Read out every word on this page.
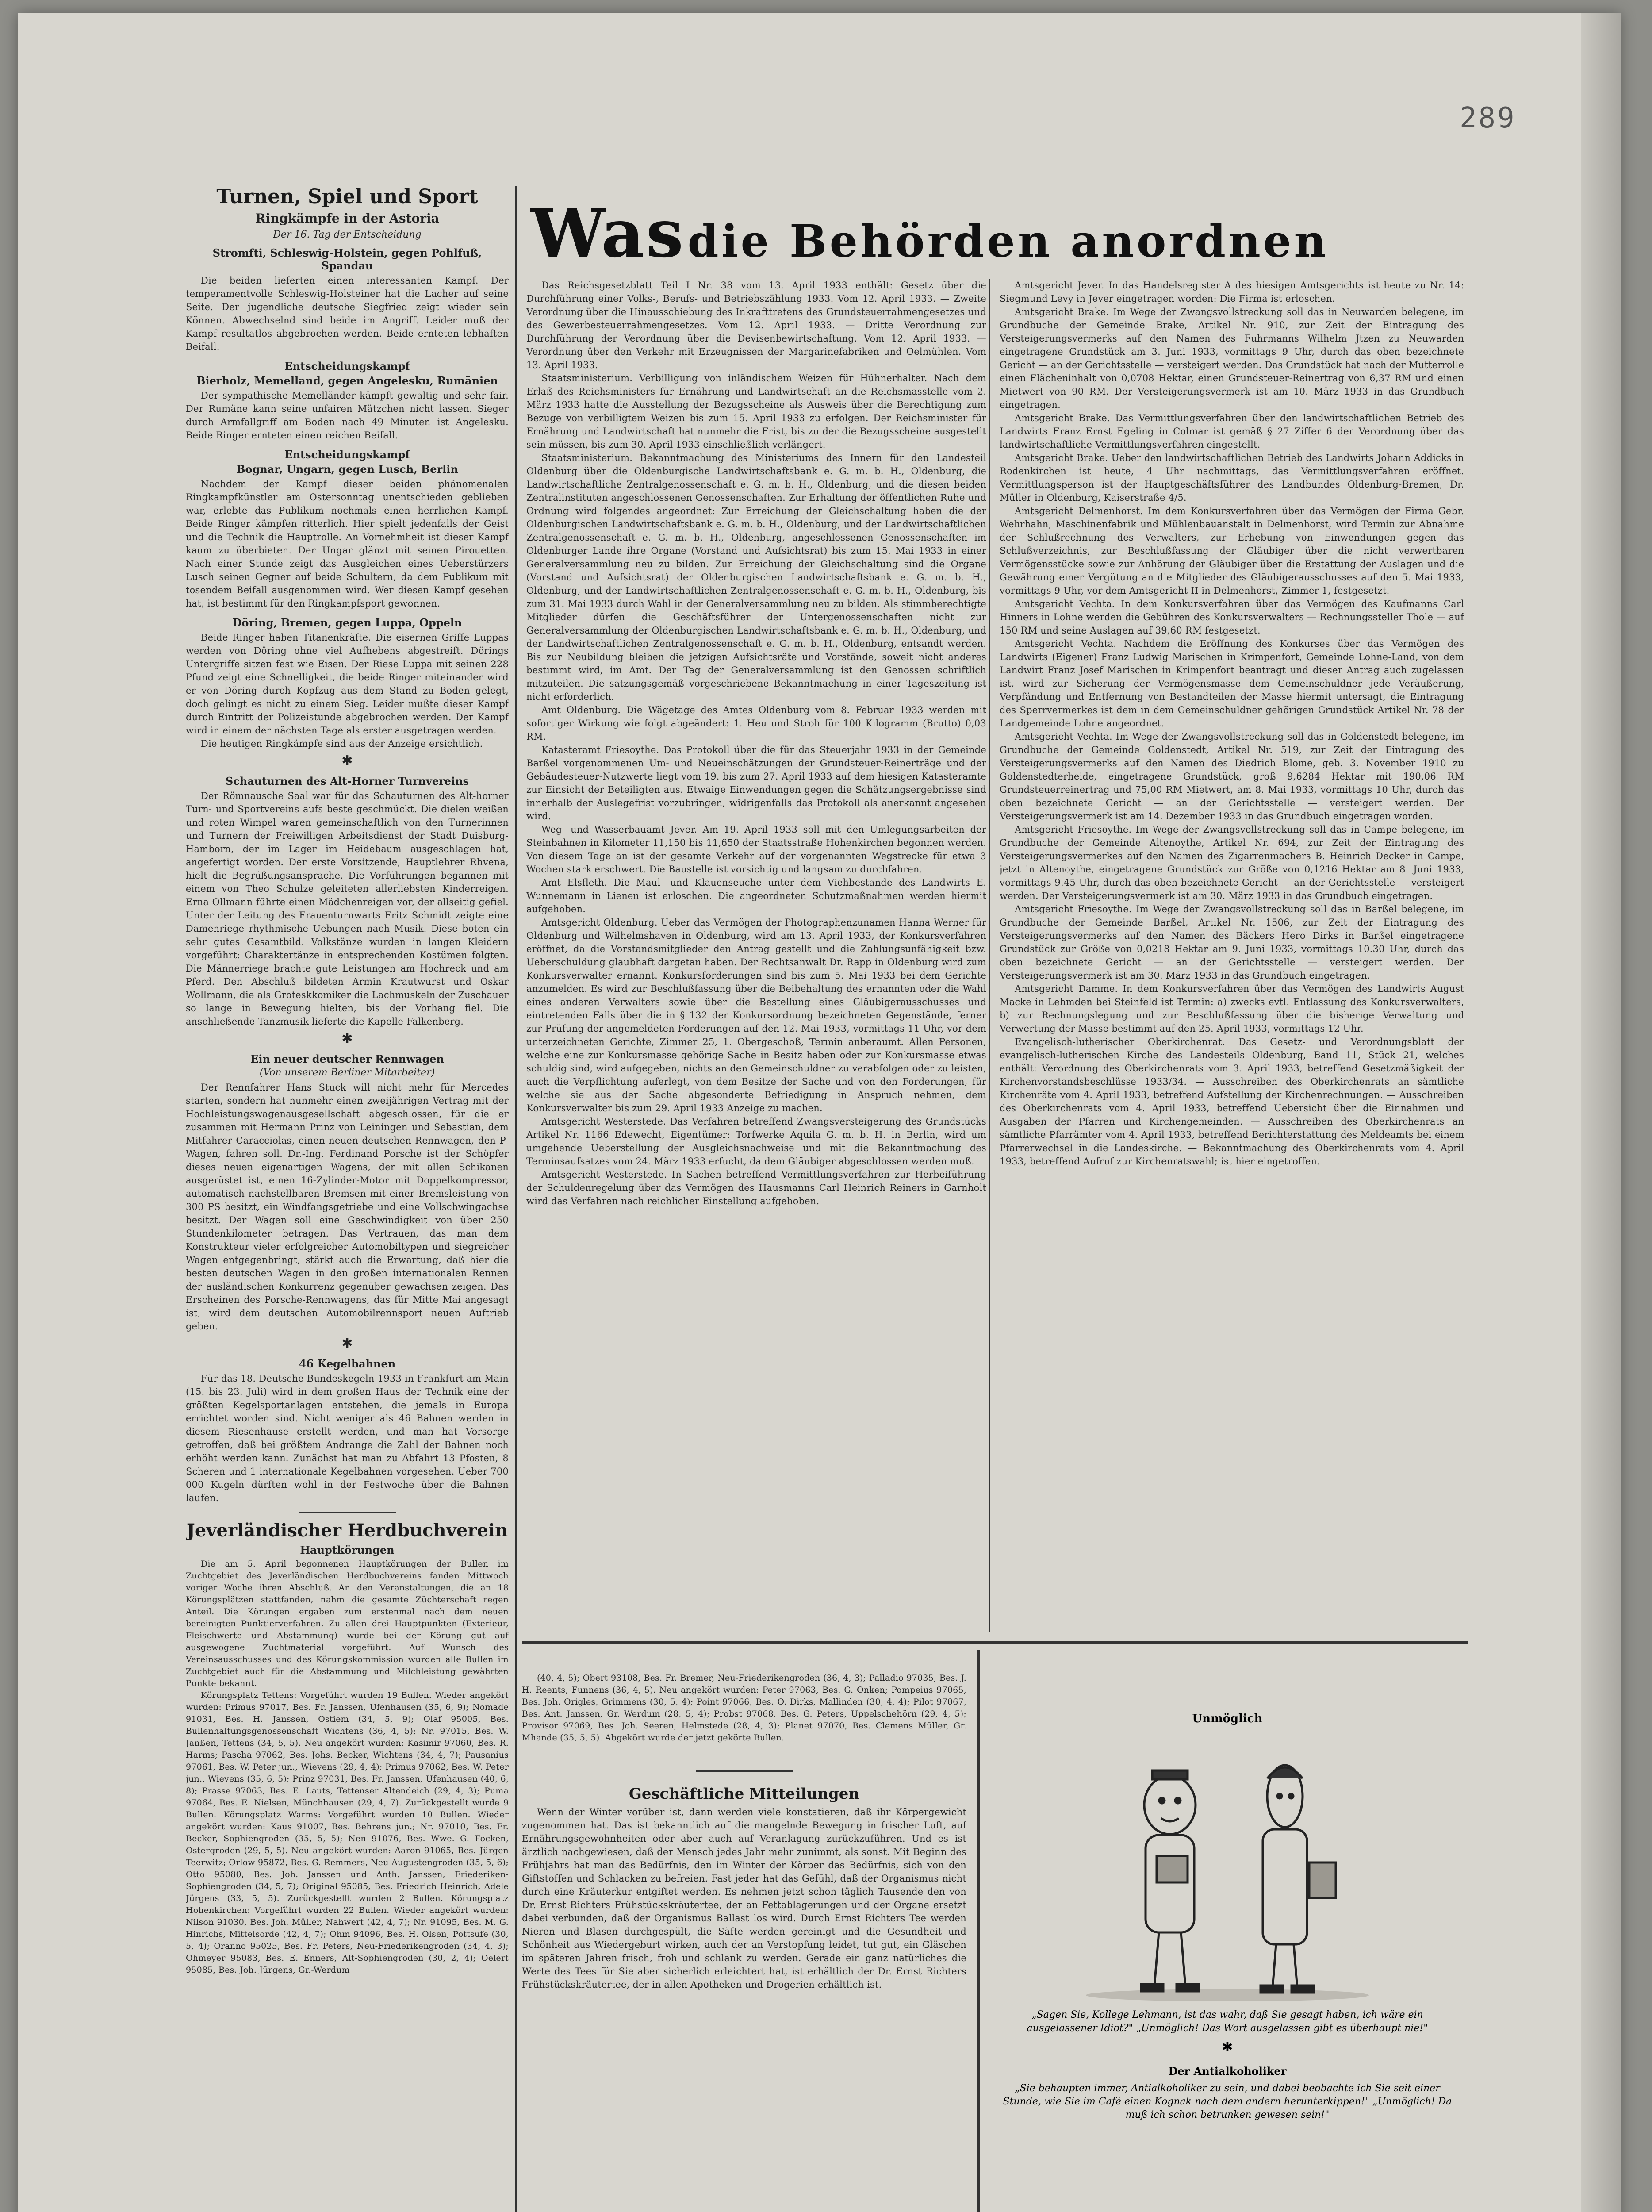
289
Was die Behörden anordnen
Turnen, Spiel und Sport
Ringkämpfe in der Astoria
Der 16. Tag der Entscheidung
Stromfti, Schleswig-Holstein, gegen Pohlfuß, Spandau

Die beiden lieferten einen interessanten Kampf. Der temperamentvolle Schleswig-Holsteiner hat die Lacher auf seine Seite. Der jugendliche deutsche Siegfried zeigt wieder sein Können. Abwechselnd sind beide im Angriff. Leider muß der Kampf resultatlos abgebrochen werden. Beide ernteten lebhaften Beifall.

Entscheidungskampf
Bierholz, Memelland, gegen Angelesku, Rumänien

Der sympathische Memelländer kämpft gewaltig und sehr fair. Der Rumäne kann seine unfairen Mätzchen nicht lassen. Sieger durch Armfallgriff am Boden nach 49 Minuten ist Angelesku. Beide Ringer ernteten einen reichen Beifall.

Entscheidungskampf
Bognar, Ungarn, gegen Lusch, Berlin

Nachdem der Kampf dieser beiden phänomenalen Ringkampfkünstler am Ostersonntag unentschieden geblieben war, erlebte das Publikum nochmals einen herrlichen Kampf. Beide Ringer kämpfen ritterlich. Hier spielt jedenfalls der Geist und die Technik die Hauptrolle. An Vornehmheit ist dieser Kampf kaum zu überbieten. Der Ungar glänzt mit seinen Pirouetten. Nach einer Stunde zeigt das Ausgleichen eines Ueberstürzers Lusch seinen Gegner auf beide Schultern, da dem Publikum mit tosendem Beifall ausgenommen wird. Wer diesen Kampf gesehen hat, ist bestimmt für den Ringkampfsport gewonnen.

Döring, Bremen, gegen Luppa, Oppeln

Beide Ringer haben Titanenkräfte. Die eisernen Griffe Luppas werden von Döring ohne viel Aufhebens abgestreift. Dörings Untergriffe sitzen fest wie Eisen. Der Riese Luppa mit seinen 228 Pfund zeigt eine Schnelligkeit, die beide Ringer miteinander wird er von Döring durch Kopfzug aus dem Stand zu Boden gelegt, doch gelingt es nicht zu einem Sieg. Leider mußte dieser Kampf durch Eintritt der Polizeistunde abgebrochen werden. Der Kampf wird in einem der nächsten Tage als erster ausgetragen werden.

Die heutigen Ringkämpfe sind aus der Anzeige ersichtlich.

✱
Schauturnen des Alt-Horner Turnvereins

Der Römnausche Saal war für das Schauturnen des Alt-horner Turn- und Sportvereins aufs beste geschmückt. Die dielen weißen und roten Wimpel waren gemeinschaftlich von den Turnerinnen und Turnern der Freiwilligen Arbeitsdienst der Stadt Duisburg-Hamborn, der im Lager im Heidebaum ausgeschlagen hat, angefertigt worden. Der erste Vorsitzende, Hauptlehrer Rhvena, hielt die Begrüßungsansprache. Die Vorführungen begannen mit einem von Theo Schulze geleiteten allerliebsten Kinderreigen. Erna Ollmann führte einen Mädchenreigen vor, der allseitig gefiel. Unter der Leitung des Frauenturnwarts Fritz Schmidt zeigte eine Damenriege rhythmische Uebungen nach Musik. Diese boten ein sehr gutes Gesamtbild. Volkstänze wurden in langen Kleidern vorgeführt: Charaktertänze in entsprechenden Kostümen folgten. Die Männerriege brachte gute Leistungen am Hochreck und am Pferd. Den Abschluß bildeten Armin Krautwurst und Oskar Wollmann, die als Groteskkomiker die Lachmuskeln der Zuschauer so lange in Bewegung hielten, bis der Vorhang fiel. Die anschließende Tanzmusik lieferte die Kapelle Falkenberg.

✱
Ein neuer deutscher Rennwagen
(Von unserem Berliner Mitarbeiter)

Der Rennfahrer Hans Stuck will nicht mehr für Mercedes starten, sondern hat nunmehr einen zweijährigen Vertrag mit der Hochleistungswagenausgesellschaft abgeschlossen, für die er zusammen mit Hermann Prinz von Leiningen und Sebastian, dem Mitfahrer Caracciolas, einen neuen deutschen Rennwagen, den P-Wagen, fahren soll. Dr.-Ing. Ferdinand Porsche ist der Schöpfer dieses neuen eigenartigen Wagens, der mit allen Schikanen ausgerüstet ist, einen 16-Zylinder-Motor mit Doppelkompressor, automatisch nachstellbaren Bremsen mit einer Bremsleistung von 300 PS besitzt, ein Windfangsgetriebe und eine Vollschwingachse besitzt. Der Wagen soll eine Geschwindigkeit von über 250 Stundenkilometer betragen. Das Vertrauen, das man dem Konstrukteur vieler erfolgreicher Automobiltypen und siegreicher Wagen entgegenbringt, stärkt auch die Erwartung, daß hier die besten deutschen Wagen in den großen internationalen Rennen der ausländischen Konkurrenz gegenüber gewachsen zeigen. Das Erscheinen des Porsche-Rennwagens, das für Mitte Mai angesagt ist, wird dem deutschen Automobilrennsport neuen Auftrieb geben.

✱
46 Kegelbahnen

Für das 18. Deutsche Bundeskegeln 1933 in Frankfurt am Main (15. bis 23. Juli) wird in dem großen Haus der Technik eine der größten Kegelsportanlagen entstehen, die jemals in Europa errichtet worden sind. Nicht weniger als 46 Bahnen werden in diesem Riesenhause erstellt werden, und man hat Vorsorge getroffen, daß bei größtem Andrange die Zahl der Bahnen noch erhöht werden kann. Zunächst hat man zu Abfahrt 13 Pfosten, 8 Scheren und 1 internationale Kegelbahnen vorgesehen. Ueber 700 000 Kugeln dürften wohl in der Festwoche über die Bahnen laufen.

Jeverländischer Herdbuchverein
Hauptkörungen

Die am 5. April begonnenen Hauptkörungen der Bullen im Zuchtgebiet des Jeverländischen Herdbuchvereins fanden Mittwoch voriger Woche ihren Abschluß. An den Veranstaltungen, die an 18 Körungsplätzen stattfanden, nahm die gesamte Züchterschaft regen Anteil. Die Körungen ergaben zum erstenmal nach dem neuen bereinigten Punktierverfahren. Zu allen drei Hauptpunkten (Exterieur, Fleischwerte und Abstammung) wurde bei der Körung gut auf ausgewogene Zuchtmaterial vorgeführt. Auf Wunsch des Vereinsausschusses und des Körungskommission wurden alle Bullen im Zuchtgebiet auch für die Abstammung und Milchleistung gewährten Punkte bekannt.

Körungsplatz Tettens: Vorgeführt wurden 19 Bullen. Wieder angekört wurden: Primus 97017, Bes. Fr. Janssen, Ufenhausen (35, 6, 9); Nomade 91031, Bes. H. Janssen, Ostiem (34, 5, 9); Olaf 95005, Bes. Bullenhaltungsgenossenschaft Wichtens (36, 4, 5); Nr. 97015, Bes. W. Janßen, Tettens (34, 5, 5). Neu angekört wurden: Kasimir 97060, Bes. R. Harms; Pascha 97062, Bes. Johs. Becker, Wichtens (34, 4, 7); Pausanius 97061, Bes. W. Peter jun., Wievens (29, 4, 4); Primus 97062, Bes. W. Peter jun., Wievens (35, 6, 5); Prinz 97031, Bes. Fr. Janssen, Ufenhausen (40, 6, 8); Prasse 97063, Bes. E. Lauts, Tettenser Altendeich (29, 4, 3); Puma 97064, Bes. E. Nielsen, Münchhausen (29, 4, 7). Zurückgestellt wurde 9 Bullen. Körungsplatz Warms: Vorgeführt wurden 10 Bullen. Wieder angekört wurden: Kaus 91007, Bes. Behrens jun.; Nr. 97010, Bes. Fr. Becker, Sophiengroden (35, 5, 5); Nen 91076, Bes. Wwe. G. Focken, Ostergroden (29, 5, 5). Neu angekört wurden: Aaron 91065, Bes. Jürgen Teerwitz; Orlow 95872, Bes. G. Remmers, Neu-Augustengroden (35, 5, 6); Otto 95080, Bes. Joh. Janssen und Anth. Janssen, Friederiken-Sophiengroden (34, 5, 7); Original 95085, Bes. Friedrich Heinrich, Adele Jürgens (33, 5, 5). Zurückgestellt wurden 2 Bullen. Körungsplatz Hohenkirchen: Vorgeführt wurden 22 Bullen. Wieder angekört wurden: Nilson 91030, Bes. Joh. Müller, Nahwert (42, 4, 7); Nr. 91095, Bes. M. G. Hinrichs, Mittelsorde (42, 4, 7); Ohm 94096, Bes. H. Olsen, Pottsufe (30, 5, 4); Oranno 95025, Bes. Fr. Peters, Neu-Friederikengroden (34, 4, 3); Ohmeyer 95083, Bes. E. Enners, Alt-Sophiengroden (30, 2, 4); Oelert 95085, Bes. Joh. Jürgens, Gr.-Werdum

Das Reichsgesetzblatt Teil I Nr. 38 vom 13. April 1933 enthält: Gesetz über die Durchführung einer Volks-, Berufs- und Betriebszählung 1933. Vom 12. April 1933. — Zweite Verordnung über die Hinausschiebung des Inkrafttretens des Grundsteuerrahmengesetzes und des Gewerbesteuerrahmengesetzes. Vom 12. April 1933. — Dritte Verordnung zur Durchführung der Verordnung über die Devisenbewirtschaftung. Vom 12. April 1933. — Verordnung über den Verkehr mit Erzeugnissen der Margarinefabriken und Oelmühlen. Vom 13. April 1933.

Staatsministerium. Verbilligung von inländischem Weizen für Hühnerhalter. Nach dem Erlaß des Reichsministers für Ernährung und Landwirtschaft an die Reichsmasstelle vom 2. März 1933 hatte die Ausstellung der Bezugsscheine als Ausweis über die Berechtigung zum Bezuge von verbilligtem Weizen bis zum 15. April 1933 zu erfolgen. Der Reichsminister für Ernährung und Landwirtschaft hat nunmehr die Frist, bis zu der die Bezugsscheine ausgestellt sein müssen, bis zum 30. April 1933 einschließlich verlängert.

Staatsministerium. Bekanntmachung des Ministeriums des Innern für den Landesteil Oldenburg über die Oldenburgische Landwirtschaftsbank e. G. m. b. H., Oldenburg, die Landwirtschaftliche Zentralgenossenschaft e. G. m. b. H., Oldenburg, und die diesen beiden Zentralinstituten angeschlossenen Genossenschaften. Zur Erhaltung der öffentlichen Ruhe und Ordnung wird folgendes angeordnet: Zur Erreichung der Gleichschaltung haben die der Oldenburgischen Landwirtschaftsbank e. G. m. b. H., Oldenburg, und der Landwirtschaftlichen Zentralgenossenschaft e. G. m. b. H., Oldenburg, angeschlossenen Genossenschaften im Oldenburger Lande ihre Organe (Vorstand und Aufsichtsrat) bis zum 15. Mai 1933 in einer Generalversammlung neu zu bilden. Zur Erreichung der Gleichschaltung sind die Organe (Vorstand und Aufsichtsrat) der Oldenburgischen Landwirtschaftsbank e. G. m. b. H., Oldenburg, und der Landwirtschaftlichen Zentralgenossenschaft e. G. m. b. H., Oldenburg, bis zum 31. Mai 1933 durch Wahl in der Generalversammlung neu zu bilden. Als stimmberechtigte Mitglieder dürfen die Geschäftsführer der Untergenossenschaften nicht zur Generalversammlung der Oldenburgischen Landwirtschaftsbank e. G. m. b. H., Oldenburg, und der Landwirtschaftlichen Zentralgenossenschaft e. G. m. b. H., Oldenburg, entsandt werden. Bis zur Neubildung bleiben die jetzigen Aufsichtsräte und Vorstände, soweit nicht anderes bestimmt wird, im Amt. Der Tag der Generalversammlung ist den Genossen schriftlich mitzuteilen. Die satzungsgemäß vorgeschriebene Bekanntmachung in einer Tageszeitung ist nicht erforderlich.

Amt Oldenburg. Die Wägetage des Amtes Oldenburg vom 8. Februar 1933 werden mit sofortiger Wirkung wie folgt abgeändert: 1. Heu und Stroh für 100 Kilogramm (Brutto) 0,03 RM.

Katasteramt Friesoythe. Das Protokoll über die für das Steuerjahr 1933 in der Gemeinde Barßel vorgenommenen Um- und Neueinschätzungen der Grundsteuer-Reinerträge und der Gebäudesteuer-Nutzwerte liegt vom 19. bis zum 27. April 1933 auf dem hiesigen Katasteramte zur Einsicht der Beteiligten aus. Etwaige Einwendungen gegen die Schätzungsergebnisse sind innerhalb der Auslegefrist vorzubringen, widrigenfalls das Protokoll als anerkannt angesehen wird.

Weg- und Wasserbauamt Jever. Am 19. April 1933 soll mit den Umlegungsarbeiten der Steinbahnen in Kilometer 11,150 bis 11,650 der Staatsstraße Hohenkirchen begonnen werden. Von diesem Tage an ist der gesamte Verkehr auf der vorgenannten Wegstrecke für etwa 3 Wochen stark erschwert. Die Baustelle ist vorsichtig und langsam zu durchfahren.

Amt Elsfleth. Die Maul- und Klauenseuche unter dem Viehbestande des Landwirts E. Wunnemann in Lienen ist erloschen. Die angeordneten Schutzmaßnahmen werden hiermit aufgehoben.

Amtsgericht Oldenburg. Ueber das Vermögen der Photographenzunamen Hanna Werner für Oldenburg und Wilhelmshaven in Oldenburg, wird am 13. April 1933, der Konkursverfahren eröffnet, da die Vorstandsmitglieder den Antrag gestellt und die Zahlungsunfähigkeit bzw. Ueberschuldung glaubhaft dargetan haben. Der Rechtsanwalt Dr. Rapp in Oldenburg wird zum Konkursverwalter ernannt. Konkursforderungen sind bis zum 5. Mai 1933 bei dem Gerichte anzumelden. Es wird zur Beschlußfassung über die Beibehaltung des ernannten oder die Wahl eines anderen Verwalters sowie über die Bestellung eines Gläubigerausschusses und eintretenden Falls über die in § 132 der Konkursordnung bezeichneten Gegenstände, ferner zur Prüfung der angemeldeten Forderungen auf den 12. Mai 1933, vormittags 11 Uhr, vor dem unterzeichneten Gerichte, Zimmer 25, 1. Obergeschoß, Termin anberaumt. Allen Personen, welche eine zur Konkursmasse gehörige Sache in Besitz haben oder zur Konkursmasse etwas schuldig sind, wird aufgegeben, nichts an den Gemeinschuldner zu verabfolgen oder zu leisten, auch die Verpflichtung auferlegt, von dem Besitze der Sache und von den Forderungen, für welche sie aus der Sache abgesonderte Befriedigung in Anspruch nehmen, dem Konkursverwalter bis zum 29. April 1933 Anzeige zu machen.

Amtsgericht Westerstede. Das Verfahren betreffend Zwangsversteigerung des Grundstücks Artikel Nr. 1166 Edewecht, Eigentümer: Torfwerke Aquila G. m. b. H. in Berlin, wird um umgehende Ueberstellung der Ausgleichsnachweise und mit die Bekanntmachung des Terminsaufsatzes vom 24. März 1933 erfucht, da dem Gläubiger abgeschlossen werden muß.

Amtsgericht Westerstede. In Sachen betreffend Vermittlungsverfahren zur Herbeiführung der Schuldenregelung über das Vermögen des Hausmanns Carl Heinrich Reiners in Garnholt wird das Verfahren nach reichlicher Einstellung aufgehoben.

Amtsgericht Jever. In das Handelsregister A des hiesigen Amtsgerichts ist heute zu Nr. 14: Siegmund Levy in Jever eingetragen worden: Die Firma ist erloschen.

Amtsgericht Brake. Im Wege der Zwangsvollstreckung soll das in Neuwarden belegene, im Grundbuche der Gemeinde Brake, Artikel Nr. 910, zur Zeit der Eintragung des Versteigerungsvermerks auf den Namen des Fuhrmanns Wilhelm Jtzen zu Neuwarden eingetragene Grundstück am 3. Juni 1933, vormittags 9 Uhr, durch das oben bezeichnete Gericht — an der Gerichtsstelle — versteigert werden. Das Grundstück hat nach der Mutterrolle einen Flächeninhalt von 0,0708 Hektar, einen Grundsteuer-Reinertrag von 6,37 RM und einen Mietwert von 90 RM. Der Versteigerungsvermerk ist am 10. März 1933 in das Grundbuch eingetragen.

Amtsgericht Brake. Das Vermittlungsverfahren über den landwirtschaftlichen Betrieb des Landwirts Franz Ernst Egeling in Colmar ist gemäß § 27 Ziffer 6 der Verordnung über das landwirtschaftliche Vermittlungsverfahren eingestellt.

Amtsgericht Brake. Ueber den landwirtschaftlichen Betrieb des Landwirts Johann Addicks in Rodenkirchen ist heute, 4 Uhr nachmittags, das Vermittlungsverfahren eröffnet. Vermittlungsperson ist der Hauptgeschäftsführer des Landbundes Oldenburg-Bremen, Dr. Müller in Oldenburg, Kaiserstraße 4/5.

Amtsgericht Delmenhorst. Im dem Konkursverfahren über das Vermögen der Firma Gebr. Wehrhahn, Maschinenfabrik und Mühlenbauanstalt in Delmenhorst, wird Termin zur Abnahme der Schlußrechnung des Verwalters, zur Erhebung von Einwendungen gegen das Schlußverzeichnis, zur Beschlußfassung der Gläubiger über die nicht verwertbaren Vermögensstücke sowie zur Anhörung der Gläubiger über die Erstattung der Auslagen und die Gewährung einer Vergütung an die Mitglieder des Gläubigerausschusses auf den 5. Mai 1933, vormittags 9 Uhr, vor dem Amtsgericht II in Delmenhorst, Zimmer 1, festgesetzt.

Amtsgericht Vechta. In dem Konkursverfahren über das Vermögen des Kaufmanns Carl Hinners in Lohne werden die Gebühren des Konkursverwalters — Rechnungssteller Thole — auf 150 RM und seine Auslagen auf 39,60 RM festgesetzt.

Amtsgericht Vechta. Nachdem die Eröffnung des Konkurses über das Vermögen des Landwirts (Eigener) Franz Ludwig Marischen in Krimpenfort, Gemeinde Lohne-Land, von dem Landwirt Franz Josef Marischen in Krimpenfort beantragt und dieser Antrag auch zugelassen ist, wird zur Sicherung der Vermögensmasse dem Gemeinschuldner jede Veräußerung, Verpfändung und Entfernung von Bestandteilen der Masse hiermit untersagt, die Eintragung des Sperrvermerkes ist dem in dem Gemeinschuldner gehörigen Grundstück Artikel Nr. 78 der Landgemeinde Lohne angeordnet.

Amtsgericht Vechta. Im Wege der Zwangsvollstreckung soll das in Goldenstedt belegene, im Grundbuche der Gemeinde Goldenstedt, Artikel Nr. 519, zur Zeit der Eintragung des Versteigerungsvermerks auf den Namen des Diedrich Blome, geb. 3. November 1910 zu Goldenstedterheide, eingetragene Grundstück, groß 9,6284 Hektar mit 190,06 RM Grundsteuerreinertrag und 75,00 RM Mietwert, am 8. Mai 1933, vormittags 10 Uhr, durch das oben bezeichnete Gericht — an der Gerichtsstelle — versteigert werden. Der Versteigerungsvermerk ist am 14. Dezember 1933 in das Grundbuch eingetragen worden.

Amtsgericht Friesoythe. Im Wege der Zwangsvollstreckung soll das in Campe belegene, im Grundbuche der Gemeinde Altenoythe, Artikel Nr. 694, zur Zeit der Eintragung des Versteigerungsvermerkes auf den Namen des Zigarrenmachers B. Heinrich Decker in Campe, jetzt in Altenoythe, eingetragene Grundstück zur Größe von 0,1216 Hektar am 8. Juni 1933, vormittags 9.45 Uhr, durch das oben bezeichnete Gericht — an der Gerichtsstelle — versteigert werden. Der Versteigerungsvermerk ist am 30. März 1933 in das Grundbuch eingetragen.

Amtsgericht Friesoythe. Im Wege der Zwangsvollstreckung soll das in Barßel belegene, im Grundbuche der Gemeinde Barßel, Artikel Nr. 1506, zur Zeit der Eintragung des Versteigerungsvermerks auf den Namen des Bäckers Hero Dirks in Barßel eingetragene Grundstück zur Größe von 0,0218 Hektar am 9. Juni 1933, vormittags 10.30 Uhr, durch das oben bezeichnete Gericht — an der Gerichtsstelle — versteigert werden. Der Versteigerungsvermerk ist am 30. März 1933 in das Grundbuch eingetragen.

Amtsgericht Damme. In dem Konkursverfahren über das Vermögen des Landwirts August Macke in Lehmden bei Steinfeld ist Termin: a) zwecks evtl. Entlassung des Konkursverwalters, b) zur Rechnungslegung und zur Beschlußfassung über die bisherige Verwaltung und Verwertung der Masse bestimmt auf den 25. April 1933, vormittags 12 Uhr.

Evangelisch-lutherischer Oberkirchenrat. Das Gesetz- und Verordnungsblatt der evangelisch-lutherischen Kirche des Landesteils Oldenburg, Band 11, Stück 21, welches enthält: Verordnung des Oberkirchenrats vom 3. April 1933, betreffend Gesetzmäßigkeit der Kirchenvorstandsbeschlüsse 1933/34. — Ausschreiben des Oberkirchenrats an sämtliche Kirchenräte vom 4. April 1933, betreffend Aufstellung der Kirchenrechnungen. — Ausschreiben des Oberkirchenrats vom 4. April 1933, betreffend Uebersicht über die Einnahmen und Ausgaben der Pfarren und Kirchengemeinden. — Ausschreiben des Oberkirchenrats an sämtliche Pfarrämter vom 4. April 1933, betreffend Berichterstattung des Meldeamts bei einem Pfarrerwechsel in die Landeskirche. — Bekanntmachung des Oberkirchenrats vom 4. April 1933, betreffend Aufruf zur Kirchenratswahl; ist hier eingetroffen.

(40, 4, 5); Obert 93108, Bes. Fr. Bremer, Neu-Friederikengroden (36, 4, 3); Palladio 97035, Bes. J. H. Reents, Funnens (36, 4, 5). Neu angekört wurden: Peter 97063, Bes. G. Onken; Pompeius 97065, Bes. Joh. Origles, Grimmens (30, 5, 4); Point 97066, Bes. O. Dirks, Mallinden (30, 4, 4); Pilot 97067, Bes. Ant. Janssen, Gr. Werdum (28, 5, 4); Probst 97068, Bes. G. Peters, Uppelschehörn (29, 4, 5); Provisor 97069, Bes. Joh. Seeren, Helmstede (28, 4, 3); Planet 97070, Bes. Clemens Müller, Gr. Mhande (35, 5, 5). Abgekört wurde der jetzt gekörte Bullen.

Geschäftliche Mitteilungen

Wenn der Winter vorüber ist, dann werden viele konstatieren, daß ihr Körpergewicht zugenommen hat. Das ist bekanntlich auf die mangelnde Bewegung in frischer Luft, auf Ernährungsgewohnheiten oder aber auch auf Veranlagung zurückzuführen. Und es ist ärztlich nachgewiesen, daß der Mensch jedes Jahr mehr zunimmt, als sonst. Mit Beginn des Frühjahrs hat man das Bedürfnis, den im Winter der Körper das Bedürfnis, sich von den Giftstoffen und Schlacken zu befreien. Fast jeder hat das Gefühl, daß der Organismus nicht durch eine Kräuterkur entgiftet werden. Es nehmen jetzt schon täglich Tausende den von Dr. Ernst Richters Frühstückskräutertee, der an Fettablagerungen und der Organe ersetzt dabei verbunden, daß der Organismus Ballast los wird. Durch Ernst Richters Tee werden Nieren und Blasen durchgespült, die Säfte werden gereinigt und die Gesundheit und Schönheit aus Wiedergeburt wirken, auch der an Verstopfung leidet, tut gut, ein Gläschen im späteren Jahren frisch, froh und schlank zu werden. Gerade ein ganz natürliches die Werte des Tees für Sie aber sicherlich erleichtert hat, ist erhältlich der Dr. Ernst Richters Frühstückskräutertee, der in allen Apotheken und Drogerien erhältlich ist.

Unmöglich

„Sagen Sie, Kollege Lehmann, ist das wahr, daß Sie gesagt haben, ich wäre ein ausgelassener Idiot?" „Unmöglich! Das Wort ausgelassen gibt es überhaupt nie!"

✱
Der Antialkoholiker

„Sie behaupten immer, Antialkoholiker zu sein, und dabei beobachte ich Sie seit einer Stunde, wie Sie im Café einen Kognak nach dem andern herunterkippen!" „Unmöglich! Da muß ich schon betrunken gewesen sein!"
